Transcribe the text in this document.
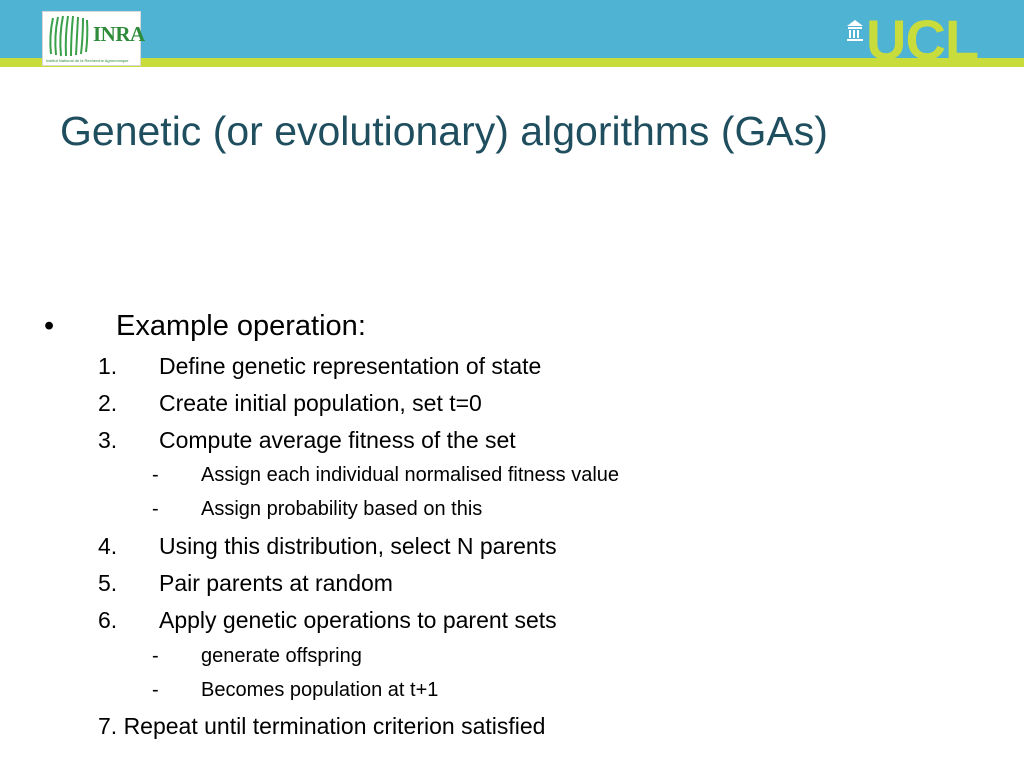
INRA
Institut National de la Recherche Agronomique	UCL
Genetic (or evolutionary) algorithms (GAs)
• Example operation:
1. Define genetic representation of state
2. Create initial population, set t=0
3. Compute average fitness of the set
- Assign each individual normalised fitness value
- Assign probability based on this
4. Using this distribution, select N parents
5. Pair parents at random
6. Apply genetic operations to parent sets
- generate offspring
- Becomes population at t+1
7. Repeat until termination criterion satisfied
